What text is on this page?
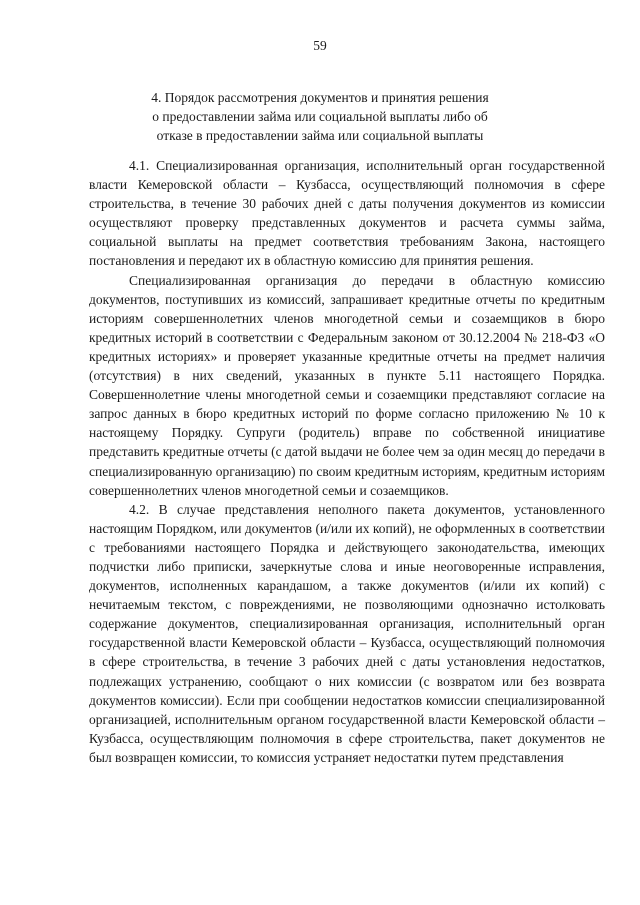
59
4. Порядок рассмотрения документов и принятия решения
о предоставлении займа или социальной выплаты либо об
отказе в предоставлении займа или социальной выплаты

4.1. Специализированная организация, исполнительный орган государственной власти Кемеровской области – Кузбасса, осуществляющий полномочия в сфере строительства, в течение 30 рабочих дней с даты получения документов из комиссии осуществляют проверку представленных документов и расчета суммы займа, социальной выплаты на предмет соответствия требованиям Закона, настоящего постановления и передают их в областную комиссию для принятия решения.

Специализированная организация до передачи в областную комиссию документов, поступивших из комиссий, запрашивает кредитные отчеты по кредитным историям совершеннолетних членов многодетной семьи и созаемщиков в бюро кредитных историй в соответствии с Федеральным законом от 30.12.2004 № 218-ФЗ «О кредитных историях» и проверяет указанные кредитные отчеты на предмет наличия (отсутствия) в них сведений, указанных в пункте 5.11 настоящего Порядка. Совершеннолетние члены многодетной семьи и созаемщики представляют согласие на запрос данных в бюро кредитных историй по форме согласно приложению № 10 к настоящему Порядку. Супруги (родитель) вправе по собственной инициативе представить кредитные отчеты (с датой выдачи не более чем за один месяц до передачи в специализированную организацию) по своим кредитным историям, кредитным историям совершеннолетних членов многодетной семьи и созаемщиков.

4.2. В случае представления неполного пакета документов, установленного настоящим Порядком, или документов (и/или их копий), не оформленных в соответствии с требованиями настоящего Порядка и действующего законодательства, имеющих подчистки либо приписки, зачеркнутые слова и иные неоговоренные исправления, документов, исполненных карандашом, а также документов (и/или их копий) с нечитаемым текстом, с повреждениями, не позволяющими однозначно истолковать содержание документов, специализированная организация, исполнительный орган государственной власти Кемеровской области – Кузбасса, осуществляющий полномочия в сфере строительства, в течение 3 рабочих дней с даты установления недостатков, подлежащих устранению, сообщают о них комиссии (с возвратом или без возврата документов комиссии). Если при сообщении недостатков комиссии специализированной организацией, исполнительным органом государственной власти Кемеровской области – Кузбасса, осуществляющим полномочия в сфере строительства, пакет документов не был возвращен комиссии, то комиссия устраняет недостатки путем представления
